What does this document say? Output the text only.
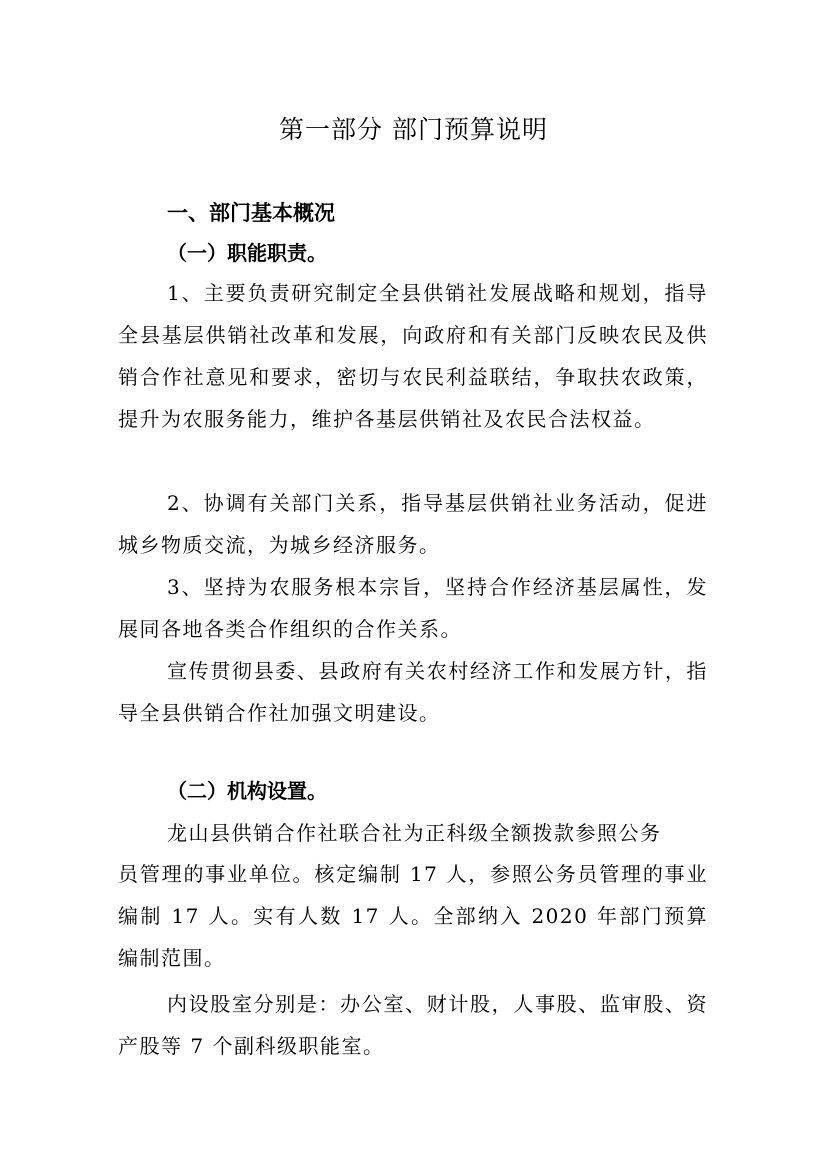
第一部分 部门预算说明
一、部门基本概况
（一）职能职责。
1、主要负责研究制定全县供销社发展战略和规划，指导全县基层供销社改革和发展，向政府和有关部门反映农民及供销合作社意见和要求，密切与农民利益联结，争取扶农政策，提升为农服务能力，维护各基层供销社及农民合法权益。
2、协调有关部门关系，指导基层供销社业务活动，促进城乡物质交流，为城乡经济服务。
3、坚持为农服务根本宗旨，坚持合作经济基层属性，发展同各地各类合作组织的合作关系。
宣传贯彻县委、县政府有关农村经济工作和发展方针，指导全县供销合作社加强文明建设。
（二）机构设置。
龙山县供销合作社联合社为正科级全额拨款参照公务
员管理的事业单位。核定编制 17 人，参照公务员管理的事业编制 17 人。实有人数 17 人。全部纳入 2020 年部门预算编制范围。
内设股室分别是：办公室、财计股，人事股、监审股、资产股等 7 个副科级职能室。
